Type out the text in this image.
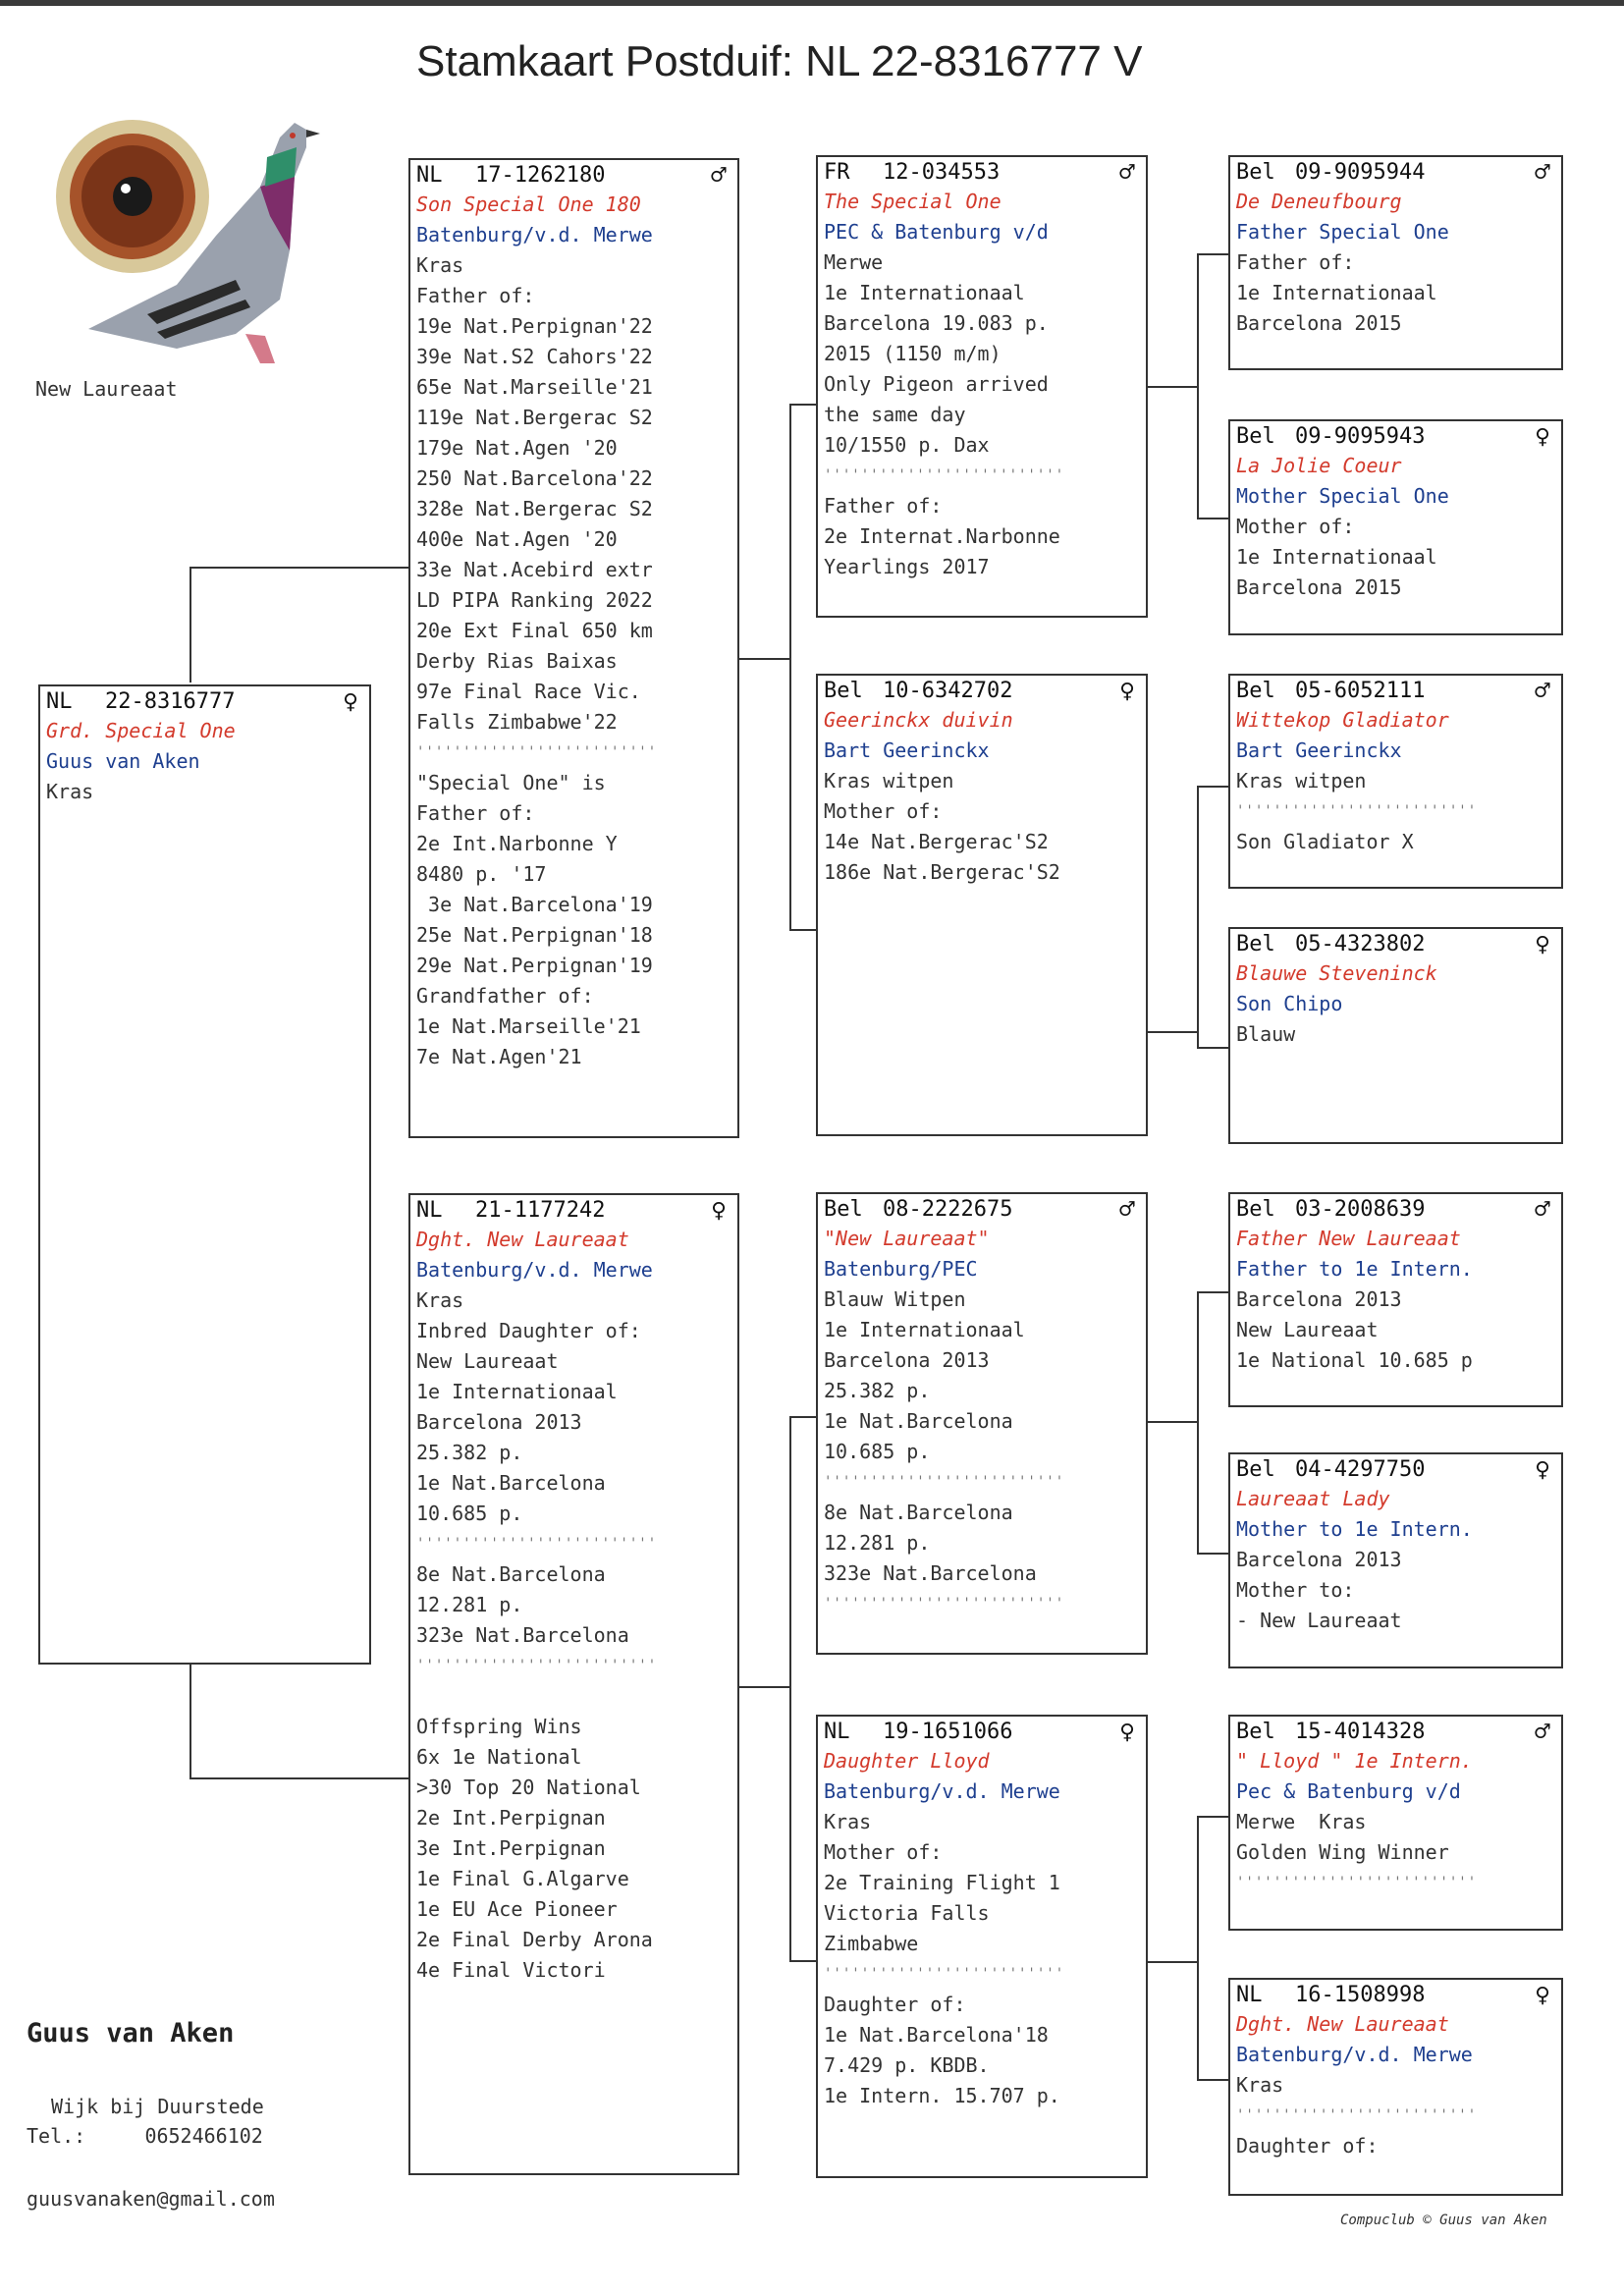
Stamkaart Postduif: NL 22-8316777 V
New Laureaat
NL	22-8316777	♀
Grd. Special One
Guus van Aken
Kras
NL	17-1262180	♂
Son Special One 180
Batenburg/v.d. Merwe
Kras
Father of:
19e Nat.Perpignan'22
39e Nat.S2 Cahors'22
65e Nat.Marseille'21
119e Nat.Bergerac S2
179e Nat.Agen '20
250 Nat.Barcelona'22
328e Nat.Bergerac S2
400e Nat.Agen '20
33e Nat.Acebird extr
LD PIPA Ranking 2022
20e Ext Final 650 km
Derby Rias Baixas
97e Final Race Vic.
Falls Zimbabwe'22
''''''''''''''''''''''''''
"Special One" is
Father of:
2e Int.Narbonne Y
8480 p. '17
3e Nat.Barcelona'19
25e Nat.Perpignan'18
29e Nat.Perpignan'19
Grandfather of:
1e Nat.Marseille'21
7e Nat.Agen'21
NL	21-1177242	♀
Dght. New Laureaat
Batenburg/v.d. Merwe
Kras
Inbred Daughter of:
New Laureaat
1e Internationaal
Barcelona 2013
25.382 p.
1e Nat.Barcelona
10.685 p.
''''''''''''''''''''''''''
8e Nat.Barcelona
12.281 p.
323e Nat.Barcelona
''''''''''''''''''''''''''
Offspring Wins
6x 1e National
>30 Top 20 National
2e Int.Perpignan
3e Int.Perpignan
1e Final G.Algarve
1e EU Ace Pioneer
2e Final Derby Arona
4e Final Victori
FR	12-034553	♂
The Special One
PEC & Batenburg v/d
Merwe
1e Internationaal
Barcelona 19.083 p.
2015 (1150 m/m)
Only Pigeon arrived
the same day
10/1550 p. Dax
''''''''''''''''''''''''''
Father of:
2e Internat.Narbonne
Yearlings 2017
Bel 10-6342702	♀
Geerinckx duivin
Bart Geerinckx
Kras witpen
Mother of:
14e Nat.Bergerac'S2
186e Nat.Bergerac'S2
Bel 08-2222675	♂
"New Laureaat"
Batenburg/PEC
Blauw Witpen
1e Internationaal
Barcelona 2013
25.382 p.
1e Nat.Barcelona
10.685 p.
''''''''''''''''''''''''''
8e Nat.Barcelona
12.281 p.
323e Nat.Barcelona
''''''''''''''''''''''''''
NL	19-1651066	♀
Daughter Lloyd
Batenburg/v.d. Merwe
Kras
Mother of:
2e Training Flight 1
Victoria Falls
Zimbabwe
''''''''''''''''''''''''''
Daughter of:
1e Nat.Barcelona'18
7.429 p. KBDB.
1e Intern. 15.707 p.
Bel 09-9095944	♂
De Deneufbourg
Father Special One
Father of:
1e Internationaal
Barcelona 2015
Bel 09-9095943	♀
La Jolie Coeur
Mother Special One
Mother of:
1e Internationaal
Barcelona 2015
Bel 05-6052111	♂
Wittekop Gladiator
Bart Geerinckx
Kras witpen
''''''''''''''''''''''''''
Son Gladiator X
Bel 05-4323802	♀
Blauwe Steveninck
Son Chipo
Blauw
Bel 03-2008639	♂
Father New Laureaat
Father to 1e Intern.
Barcelona 2013
New Laureaat
1e National 10.685 p
Bel 04-4297750	♀
Laureaat Lady
Mother to 1e Intern.
Barcelona 2013
Mother to:
- New Laureaat
Bel 15-4014328	♂
" Lloyd " 1e Intern.
Pec & Batenburg v/d
Merwe  Kras
Golden Wing Winner
''''''''''''''''''''''''''
NL	16-1508998	♀
Dght. New Laureaat
Batenburg/v.d. Merwe
Kras
''''''''''''''''''''''''''
Daughter of:
Guus van Aken
Wijk bij Duurstede
Tel.:	0652466102
guusvanaken@gmail.com
Compuclub © Guus van Aken
